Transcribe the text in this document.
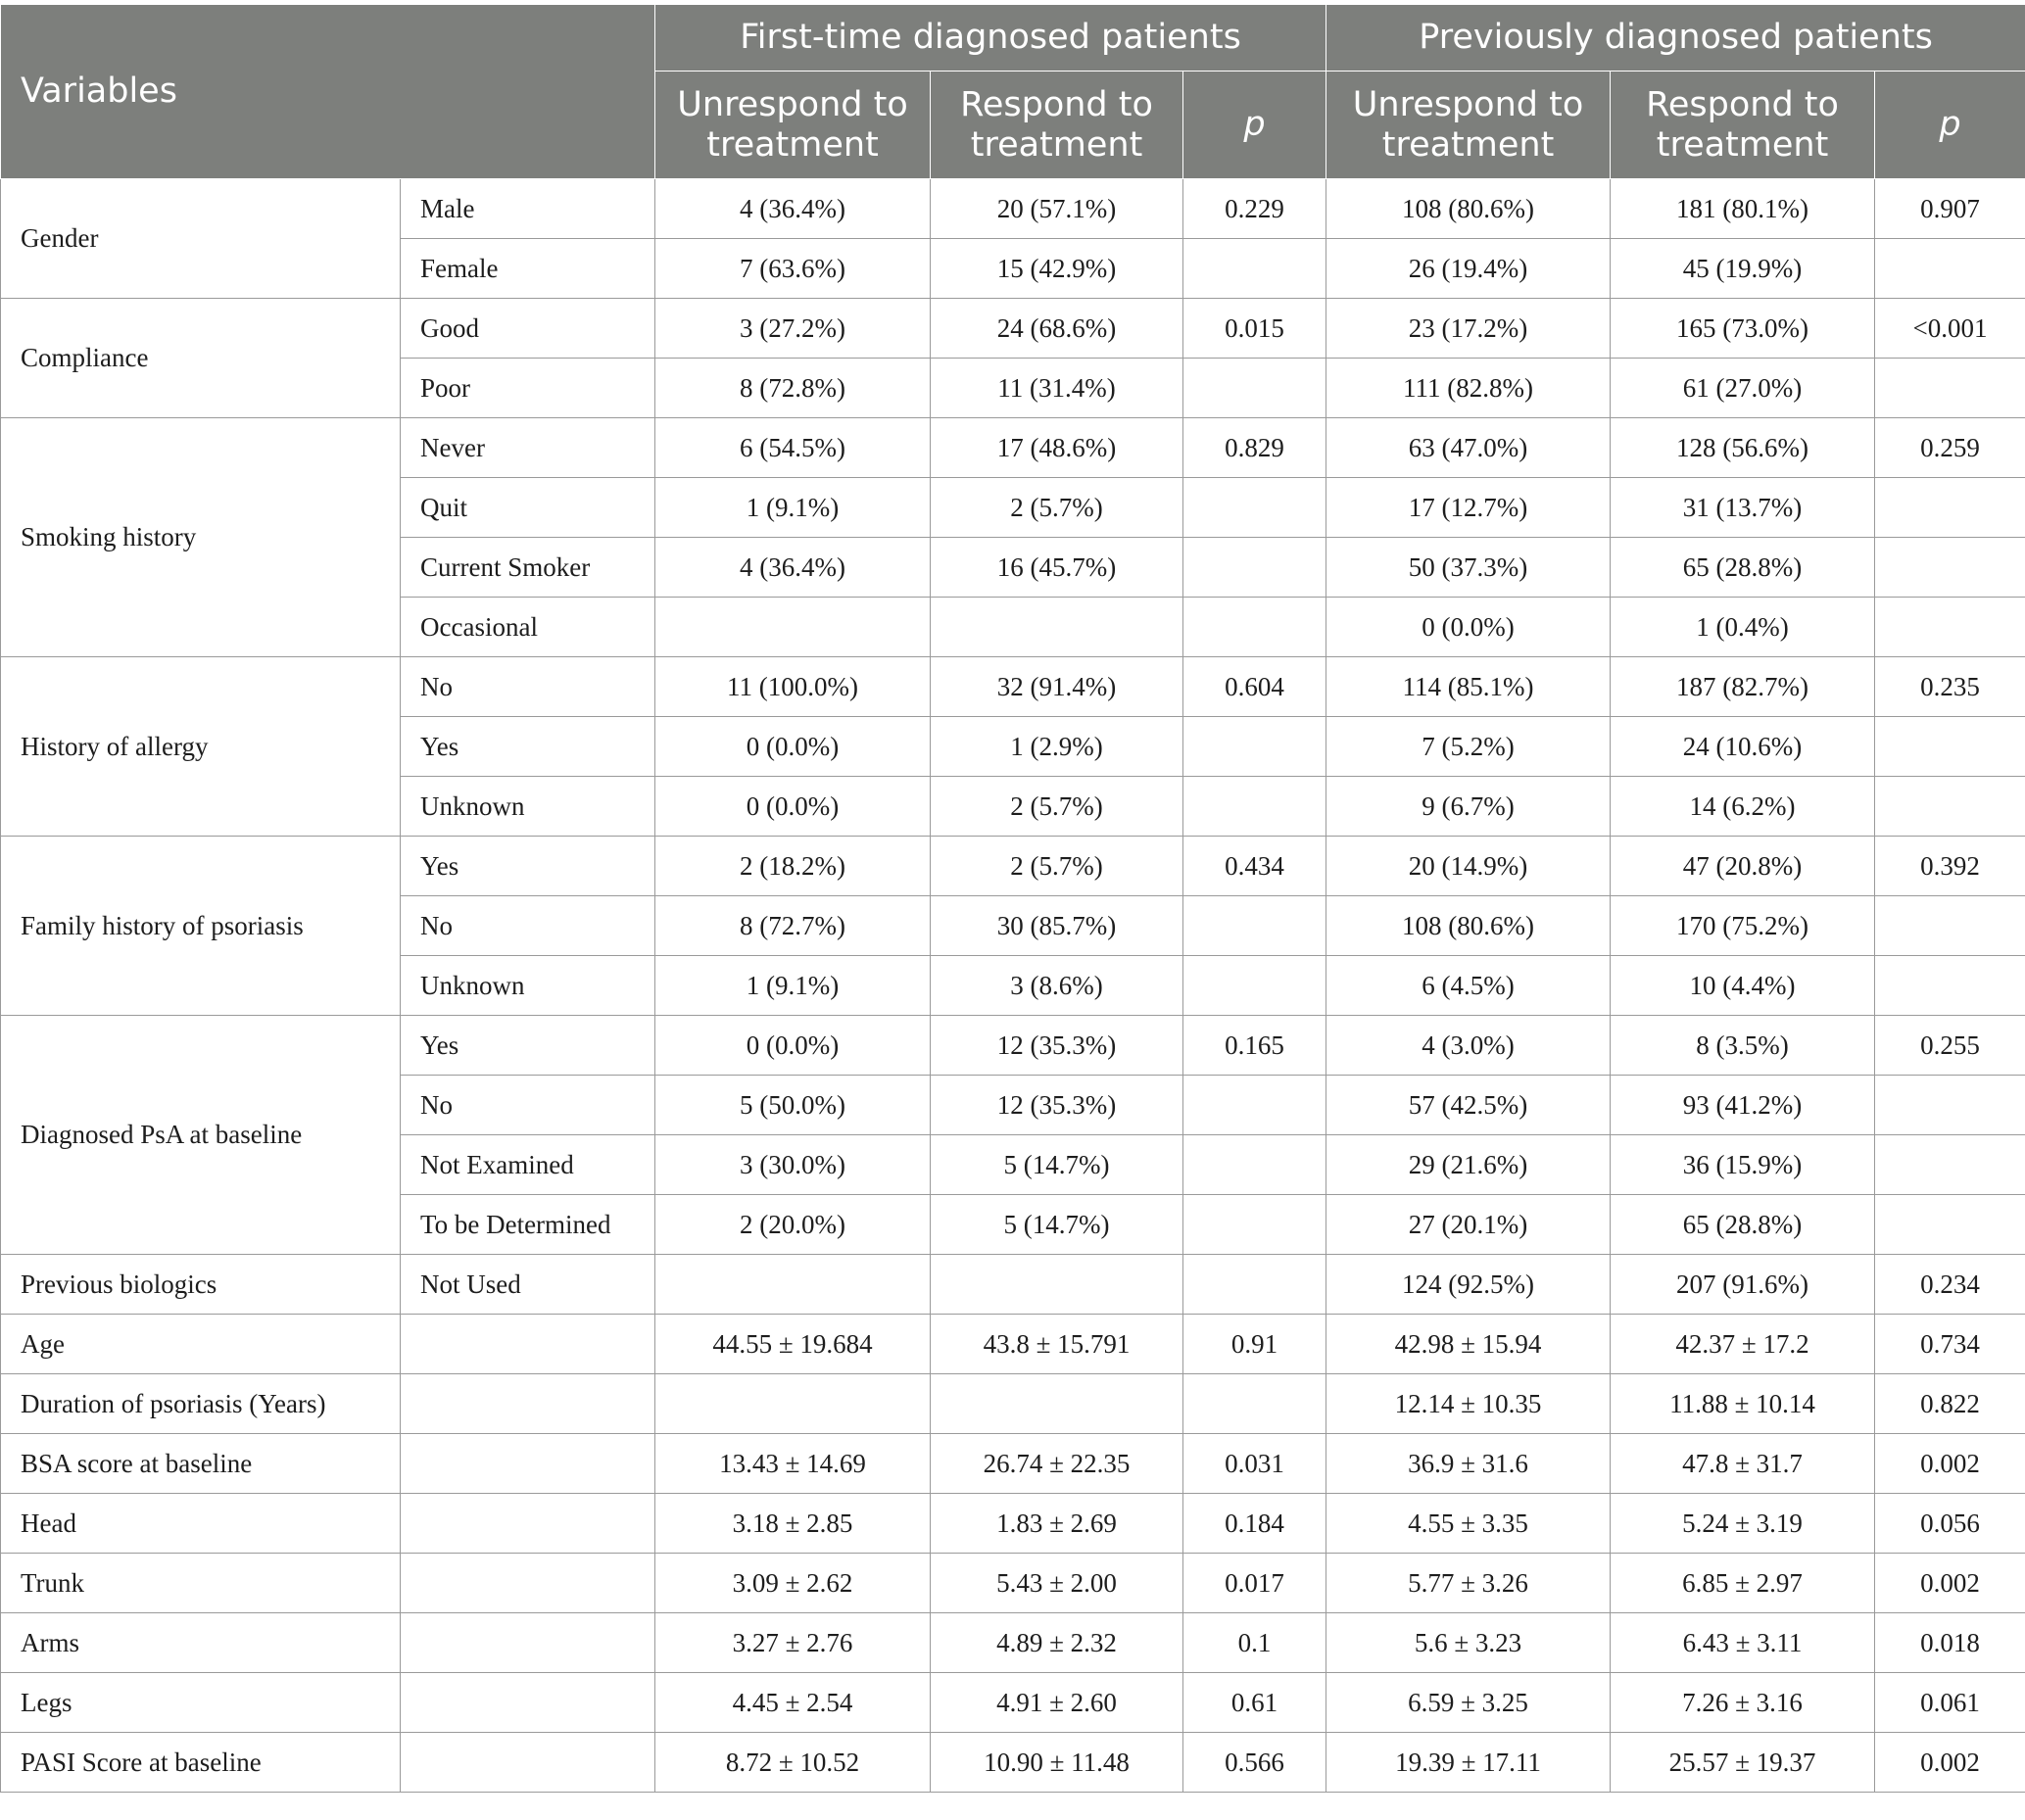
Variables		First-time diagnosed patients			Previously diagnosed patients		
		Unrespond to treatment	Respond to treatment	p	Unrespond to treatment	Respond to treatment	p
Gender	Male	4 (36.4%)	20 (57.1%)	0.229	108 (80.6%)	181 (80.1%)	0.907
	Female	7 (63.6%)	15 (42.9%)		26 (19.4%)	45 (19.9%)	
Compliance	Good	3 (27.2%)	24 (68.6%)	0.015	23 (17.2%)	165 (73.0%)	<0.001
	Poor	8 (72.8%)	11 (31.4%)		111 (82.8%)	61 (27.0%)	
Smoking history	Never	6 (54.5%)	17 (48.6%)	0.829	63 (47.0%)	128 (56.6%)	0.259
	Quit	1 (9.1%)	2 (5.7%)		17 (12.7%)	31 (13.7%)	
	Current Smoker	4 (36.4%)	16 (45.7%)		50 (37.3%)	65 (28.8%)	
	Occasional				0 (0.0%)	1 (0.4%)	
History of allergy	No	11 (100.0%)	32 (91.4%)	0.604	114 (85.1%)	187 (82.7%)	0.235
	Yes	0 (0.0%)	1 (2.9%)		7 (5.2%)	24 (10.6%)	
	Unknown	0 (0.0%)	2 (5.7%)		9 (6.7%)	14 (6.2%)	
Family history of psoriasis	Yes	2 (18.2%)	2 (5.7%)	0.434	20 (14.9%)	47 (20.8%)	0.392
	No	8 (72.7%)	30 (85.7%)		108 (80.6%)	170 (75.2%)	
	Unknown	1 (9.1%)	3 (8.6%)		6 (4.5%)	10 (4.4%)	
Diagnosed PsA at baseline	Yes	0 (0.0%)	12 (35.3%)	0.165	4 (3.0%)	8 (3.5%)	0.255
	No	5 (50.0%)	12 (35.3%)		57 (42.5%)	93 (41.2%)	
	Not Examined	3 (30.0%)	5 (14.7%)		29 (21.6%)	36 (15.9%)	
	To be Determined	2 (20.0%)	5 (14.7%)		27 (20.1%)	65 (28.8%)	
Previous biologics	Not Used				124 (92.5%)	207 (91.6%)	0.234
Age		44.55 ± 19.684	43.8 ± 15.791	0.91	42.98 ± 15.94	42.37 ± 17.2	0.734
Duration of psoriasis (Years)					12.14 ± 10.35	11.88 ± 10.14	0.822
BSA score at baseline		13.43 ± 14.69	26.74 ± 22.35	0.031	36.9 ± 31.6	47.8 ± 31.7	0.002
Head		3.18 ± 2.85	1.83 ± 2.69	0.184	4.55 ± 3.35	5.24 ± 3.19	0.056
Trunk		3.09 ± 2.62	5.43 ± 2.00	0.017	5.77 ± 3.26	6.85 ± 2.97	0.002
Arms		3.27 ± 2.76	4.89 ± 2.32	0.1	5.6 ± 3.23	6.43 ± 3.11	0.018
Legs		4.45 ± 2.54	4.91 ± 2.60	0.61	6.59 ± 3.25	7.26 ± 3.16	0.061
PASI Score at baseline		8.72 ± 10.52	10.90 ± 11.48	0.566	19.39 ± 17.11	25.57 ± 19.37	0.002
